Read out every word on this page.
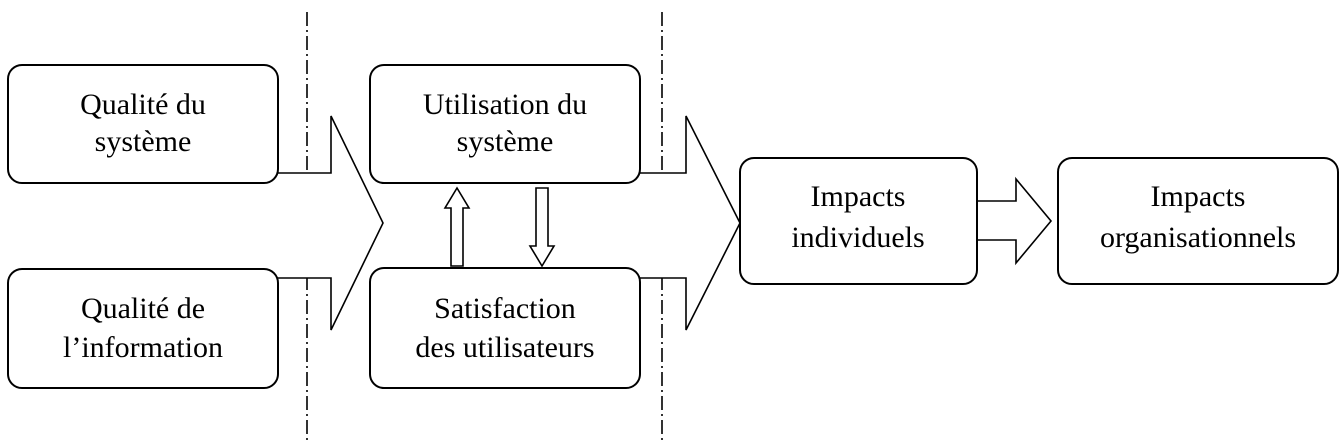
Qualité du
système
Qualité de
l’information
Utilisation du
système
Satisfaction
des utilisateurs
Impacts
individuels
Impacts
organisationnels
